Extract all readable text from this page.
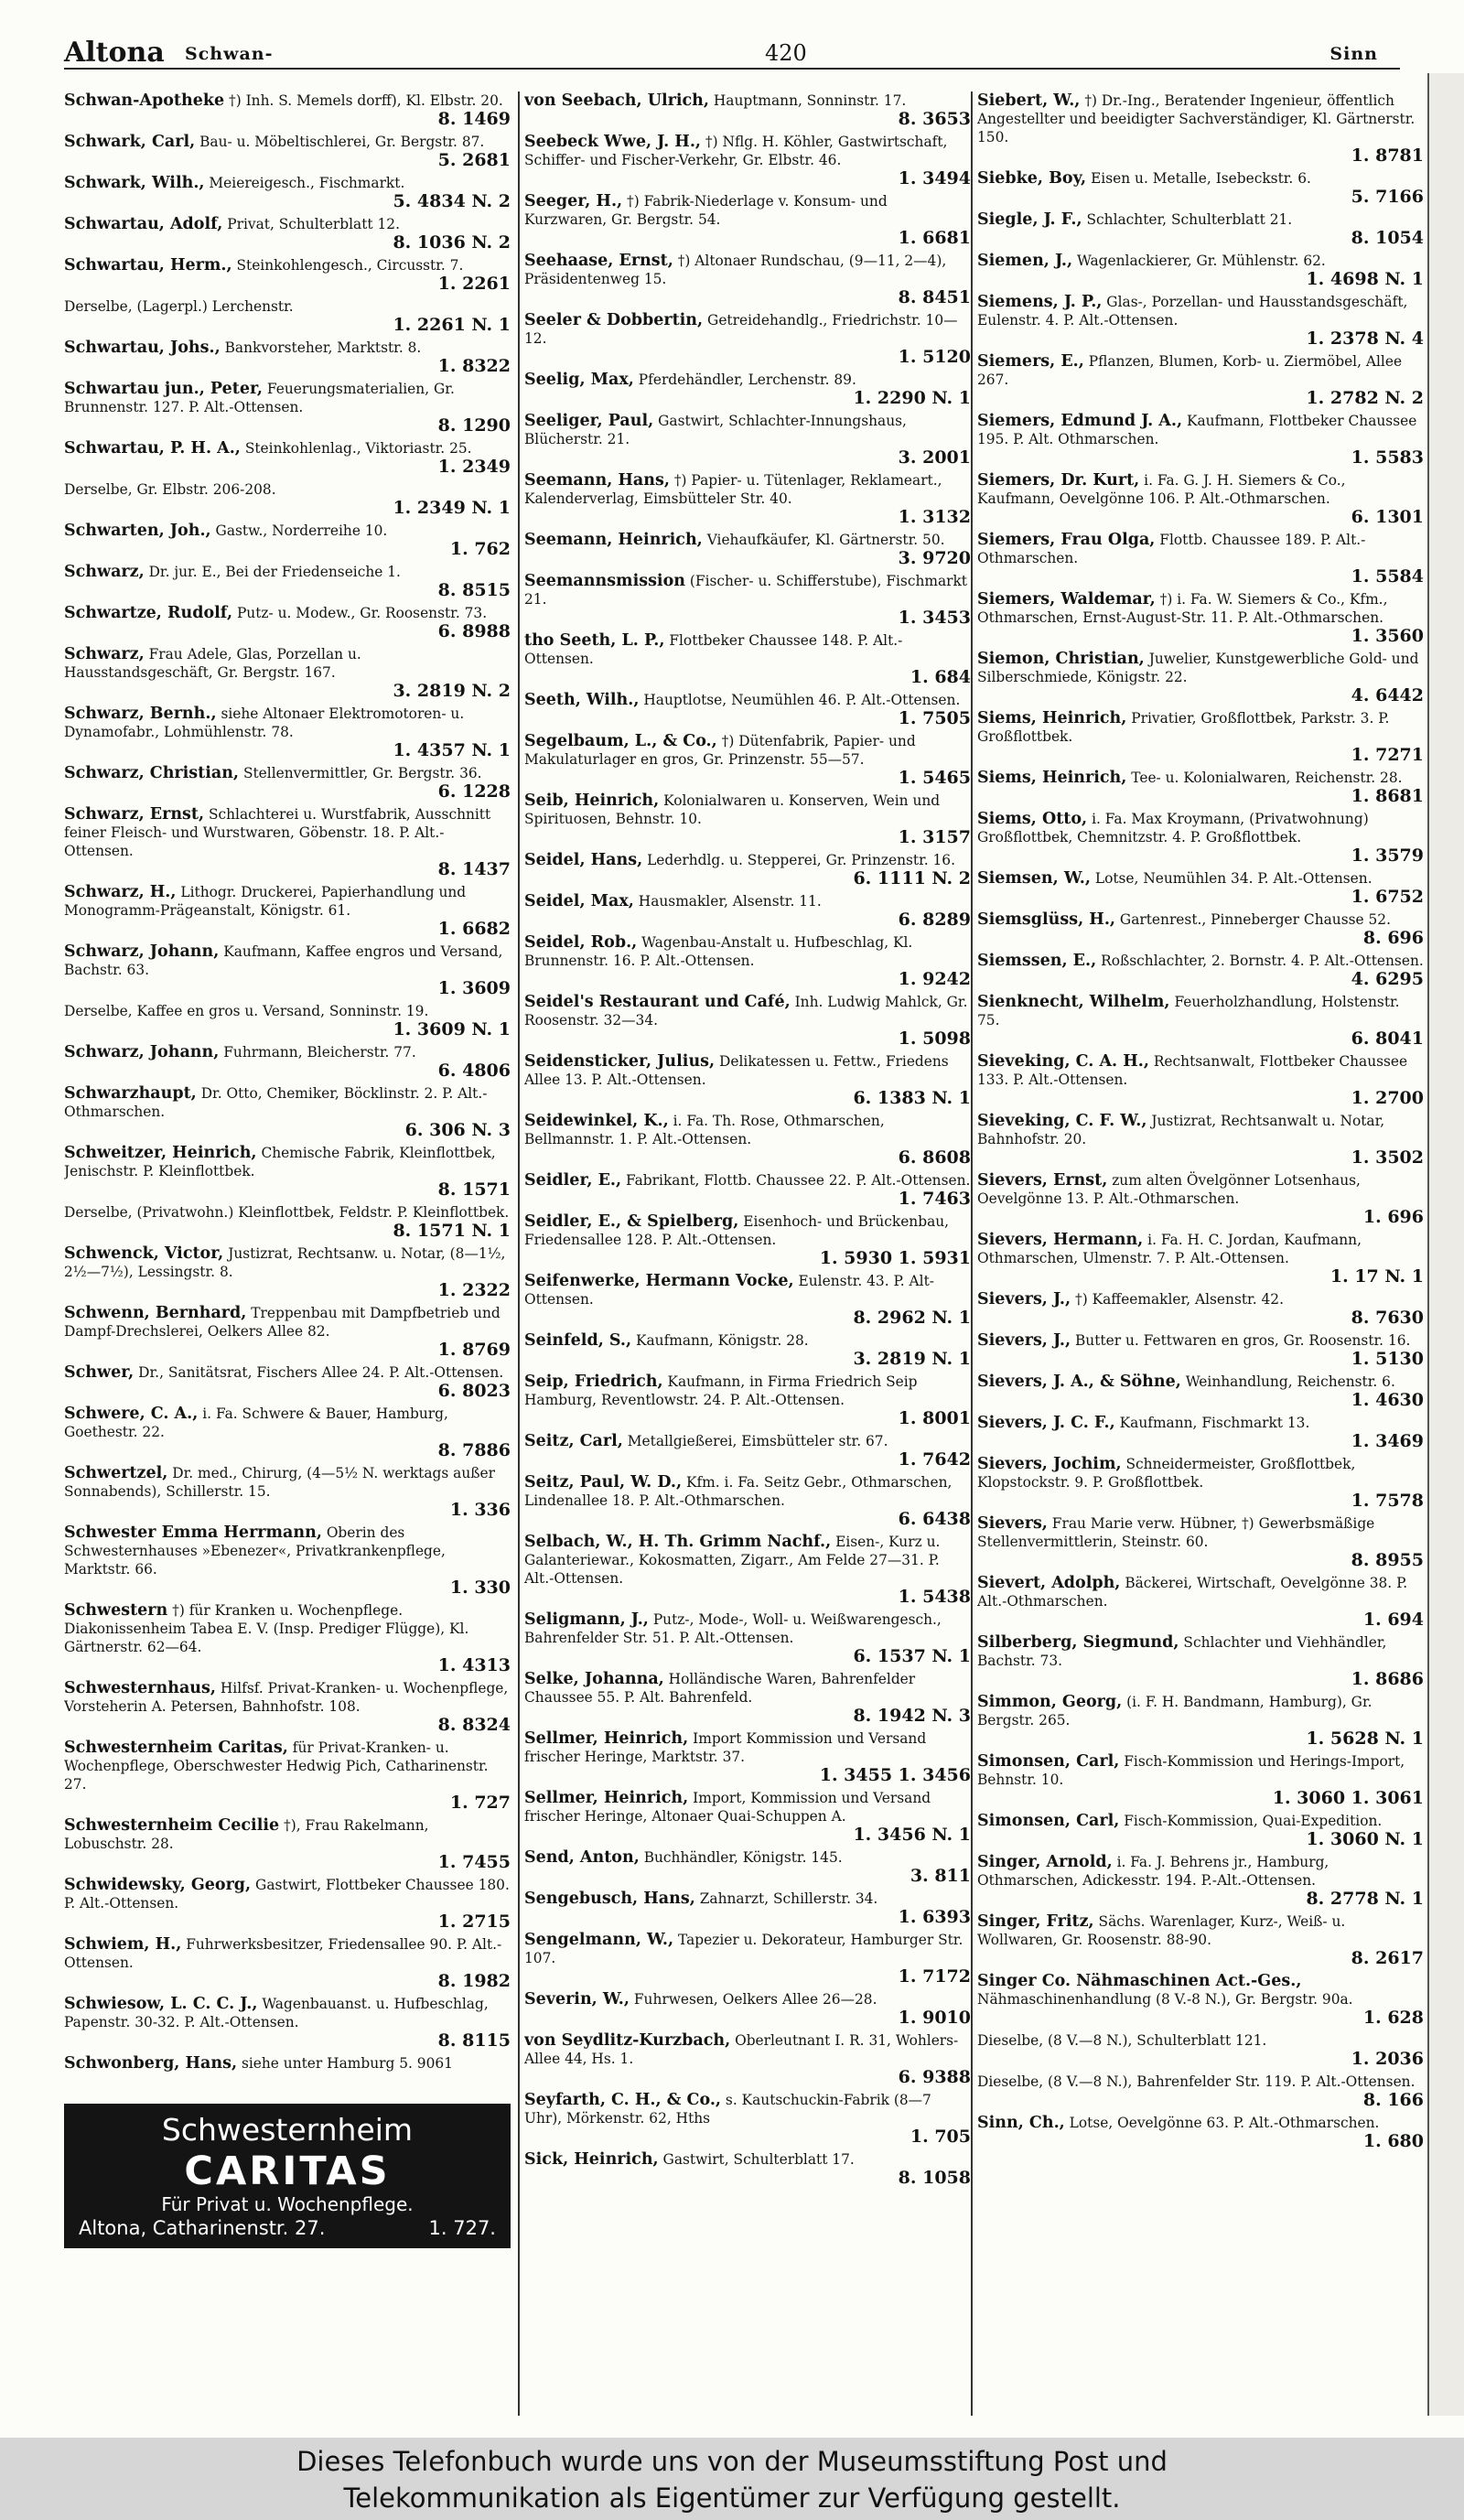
Altona Schwan-	420	Sinn
Schwan-Apotheke †) Inh. S. Memels dorff), Kl. Elbstr. 20.
8. 1469
Schwark, Carl, Bau- u. Möbeltischlerei, Gr. Bergstr. 87.
5. 2681
Schwark, Wilh., Meiereigesch., Fischmarkt.
5. 4834 N. 2
Schwartau, Adolf, Privat, Schulterblatt 12.
8. 1036 N. 2
Schwartau, Herm., Steinkohlengesch., Circusstr. 7.
1. 2261
Derselbe, (Lagerpl.) Lerchenstr.
1. 2261 N. 1
Schwartau, Johs., Bankvorsteher, Marktstr. 8.
1. 8322
Schwartau jun., Peter, Feuerungsmaterialien, Gr. Brunnenstr. 127. P. Alt.-Ottensen.
8. 1290
Schwartau, P. H. A., Steinkohlenlag., Viktoriastr. 25.
1. 2349
Derselbe, Gr. Elbstr. 206-208.
1. 2349 N. 1
Schwarten, Joh., Gastw., Norderreihe 10.
1. 762
Schwarz, Dr. jur. E., Bei der Friedenseiche 1.
8. 8515
Schwartze, Rudolf, Putz- u. Modew., Gr. Roosenstr. 73.
6. 8988
Schwarz, Frau Adele, Glas, Porzellan u. Hausstandsgeschäft, Gr. Bergstr. 167.
3. 2819 N. 2
Schwarz, Bernh., siehe Altonaer Elektromotoren- u. Dynamofabr., Lohmühlenstr. 78.
1. 4357 N. 1
Schwarz, Christian, Stellenvermittler, Gr. Bergstr. 36.
6. 1228
Schwarz, Ernst, Schlachterei u. Wurstfabrik, Ausschnitt feiner Fleisch- und Wurstwaren, Göbenstr. 18. P. Alt.-Ottensen.
8. 1437
Schwarz, H., Lithogr. Druckerei, Papierhandlung und Monogramm-Prägeanstalt, Königstr. 61.
1. 6682
Schwarz, Johann, Kaufmann, Kaffee engros und Versand, Bachstr. 63.
1. 3609
Derselbe, Kaffee en gros u. Versand, Sonninstr. 19.
1. 3609 N. 1
Schwarz, Johann, Fuhrmann, Bleicherstr. 77.
6. 4806
Schwarzhaupt, Dr. Otto, Chemiker, Böcklinstr. 2. P. Alt.-Othmarschen.
6. 306 N. 3
Schweitzer, Heinrich, Chemische Fabrik, Kleinflottbek, Jenischstr. P. Kleinflottbek.
8. 1571
Derselbe, (Privatwohn.) Kleinflottbek, Feldstr. P. Kleinflottbek.
8. 1571 N. 1
Schwenck, Victor, Justizrat, Rechtsanw. u. Notar, (8—1½, 2½—7½), Lessingstr. 8.
1. 2322
Schwenn, Bernhard, Treppenbau mit Dampfbetrieb und Dampf-Drechslerei, Oelkers Allee 82.
1. 8769
Schwer, Dr., Sanitätsrat, Fischers Allee 24. P. Alt.-Ottensen.
6. 8023
Schwere, C. A., i. Fa. Schwere & Bauer, Hamburg, Goethestr. 22.
8. 7886
Schwertzel, Dr. med., Chirurg, (4—5½ N. werktags außer Sonnabends), Schillerstr. 15.
1. 336
Schwester Emma Herrmann, Oberin des Schwesternhauses »Ebenezer«, Privatkrankenpflege, Marktstr. 66.
1. 330
Schwestern †) für Kranken u. Wochenpflege. Diakonissenheim Tabea E. V. (Insp. Prediger Flügge), Kl. Gärtnerstr. 62—64.
1. 4313
Schwesternhaus, Hilfsf. Privat-Kranken- u. Wochenpflege, Vorsteherin A. Petersen, Bahnhofstr. 108.
8. 8324
Schwesternheim Caritas, für Privat-Kranken- u. Wochenpflege, Oberschwester Hedwig Pich, Catharinenstr. 27.
1. 727
Schwesternheim Cecilie †), Frau Rakelmann, Lobuschstr. 28.
1. 7455
Schwidewsky, Georg, Gastwirt, Flottbeker Chaussee 180. P. Alt.-Ottensen.
1. 2715
Schwiem, H., Fuhrwerksbesitzer, Friedensallee 90. P. Alt.-Ottensen.
8. 1982
Schwiesow, L. C. C. J., Wagenbauanst. u. Hufbeschlag, Papenstr. 30-32. P. Alt.-Ottensen.
8. 8115
Schwonberg, Hans, siehe unter Hamburg 5. 9061
Schwesternheim
CARITAS
Für Privat u. Wochenpflege.
Altona, Catharinenstr. 27.	1. 727.
von Seebach, Ulrich, Hauptmann, Sonninstr. 17.
8. 3653
Seebeck Wwe, J. H., †) Nflg. H. Köhler, Gastwirtschaft, Schiffer- und Fischer-Verkehr, Gr. Elbstr. 46.
1. 3494
Seeger, H., †) Fabrik-Niederlage v. Konsum- und Kurzwaren, Gr. Bergstr. 54.
1. 6681
Seehaase, Ernst, †) Altonaer Rundschau, (9—11, 2—4), Präsidentenweg 15.
8. 8451
Seeler & Dobbertin, Getreidehandlg., Friedrichstr. 10—12.
1. 5120
Seelig, Max, Pferdehändler, Lerchenstr. 89.
1. 2290 N. 1
Seeliger, Paul, Gastwirt, Schlachter-Innungshaus, Blücherstr. 21.
3. 2001
Seemann, Hans, †) Papier- u. Tütenlager, Reklameart., Kalenderverlag, Eimsbütteler Str. 40.
1. 3132
Seemann, Heinrich, Viehaufkäufer, Kl. Gärtnerstr. 50.
3. 9720
Seemannsmission (Fischer- u. Schifferstube), Fischmarkt 21.
1. 3453
tho Seeth, L. P., Flottbeker Chaussee 148. P. Alt.-Ottensen.
1. 684
Seeth, Wilh., Hauptlotse, Neumühlen 46. P. Alt.-Ottensen.
1. 7505
Segelbaum, L., & Co., †) Dütenfabrik, Papier- und Makulaturlager en gros, Gr. Prinzenstr. 55—57.
1. 5465
Seib, Heinrich, Kolonialwaren u. Konserven, Wein und Spirituosen, Behnstr. 10.
1. 3157
Seidel, Hans, Lederhdlg. u. Stepperei, Gr. Prinzenstr. 16.
6. 1111 N. 2
Seidel, Max, Hausmakler, Alsenstr. 11.
6. 8289
Seidel, Rob., Wagenbau-Anstalt u. Hufbeschlag, Kl. Brunnenstr. 16. P. Alt.-Ottensen.
1. 9242
Seidel's Restaurant und Café, Inh. Ludwig Mahlck, Gr. Roosenstr. 32—34.
1. 5098
Seidensticker, Julius, Delikatessen u. Fettw., Friedens Allee 13. P. Alt.-Ottensen.
6. 1383 N. 1
Seidewinkel, K., i. Fa. Th. Rose, Othmarschen, Bellmannstr. 1. P. Alt.-Ottensen.
6. 8608
Seidler, E., Fabrikant, Flottb. Chaussee 22. P. Alt.-Ottensen.
1. 7463
Seidler, E., & Spielberg, Eisenhoch- und Brückenbau, Friedensallee 128. P. Alt.-Ottensen.
1. 5930 1. 5931
Seifenwerke, Hermann Vocke, Eulenstr. 43. P. Alt-Ottensen.
8. 2962 N. 1
Seinfeld, S., Kaufmann, Königstr. 28.
3. 2819 N. 1
Seip, Friedrich, Kaufmann, in Firma Friedrich Seip Hamburg, Reventlowstr. 24. P. Alt.-Ottensen.
1. 8001
Seitz, Carl, Metallgießerei, Eimsbütteler str. 67.
1. 7642
Seitz, Paul, W. D., Kfm. i. Fa. Seitz Gebr., Othmarschen, Lindenallee 18. P. Alt.-Othmarschen.
6. 6438
Selbach, W., H. Th. Grimm Nachf., Eisen-, Kurz u. Galanteriewar., Kokosmatten, Zigarr., Am Felde 27—31. P. Alt.-Ottensen.
1. 5438
Seligmann, J., Putz-, Mode-, Woll- u. Weißwarengesch., Bahrenfelder Str. 51. P. Alt.-Ottensen.
6. 1537 N. 1
Selke, Johanna, Holländische Waren, Bahrenfelder Chaussee 55. P. Alt. Bahrenfeld.
8. 1942 N. 3
Sellmer, Heinrich, Import Kommission und Versand frischer Heringe, Marktstr. 37.
1. 3455 1. 3456
Sellmer, Heinrich, Import, Kommission und Versand frischer Heringe, Altonaer Quai-Schuppen A.
1. 3456 N. 1
Send, Anton, Buchhändler, Königstr. 145.
3. 811
Sengebusch, Hans, Zahnarzt, Schillerstr. 34.
1. 6393
Sengelmann, W., Tapezier u. Dekorateur, Hamburger Str. 107.
1. 7172
Severin, W., Fuhrwesen, Oelkers Allee 26—28.
1. 9010
von Seydlitz-Kurzbach, Oberleutnant I. R. 31, Wohlers-Allee 44, Hs. 1.
6. 9388
Seyfarth, C. H., & Co., s. Kautschuckin-Fabrik (8—7 Uhr), Mörkenstr. 62, Hths
1. 705
Sick, Heinrich, Gastwirt, Schulterblatt 17.
8. 1058
Siebert, W., †) Dr.-Ing., Beratender Ingenieur, öffentlich Angestellter und beeidigter Sachverständiger, Kl. Gärtnerstr. 150.
1. 8781
Siebke, Boy, Eisen u. Metalle, Isebeckstr. 6.
5. 7166
Siegle, J. F., Schlachter, Schulterblatt 21.
8. 1054
Siemen, J., Wagenlackierer, Gr. Mühlenstr. 62.
1. 4698 N. 1
Siemens, J. P., Glas-, Porzellan- und Hausstandsgeschäft, Eulenstr. 4. P. Alt.-Ottensen.
1. 2378 N. 4
Siemers, E., Pflanzen, Blumen, Korb- u. Ziermöbel, Allee 267.
1. 2782 N. 2
Siemers, Edmund J. A., Kaufmann, Flottbeker Chaussee 195. P. Alt. Othmarschen.
1. 5583
Siemers, Dr. Kurt, i. Fa. G. J. H. Siemers & Co., Kaufmann, Oevelgönne 106. P. Alt.-Othmarschen.
6. 1301
Siemers, Frau Olga, Flottb. Chaussee 189. P. Alt.-Othmarschen.
1. 5584
Siemers, Waldemar, †) i. Fa. W. Siemers & Co., Kfm., Othmarschen, Ernst-August-Str. 11. P. Alt.-Othmarschen.
1. 3560
Siemon, Christian, Juwelier, Kunstgewerbliche Gold- und Silberschmiede, Königstr. 22.
4. 6442
Siems, Heinrich, Privatier, Großflottbek, Parkstr. 3. P. Großflottbek.
1. 7271
Siems, Heinrich, Tee- u. Kolonialwaren, Reichenstr. 28.
1. 8681
Siems, Otto, i. Fa. Max Kroymann, (Privatwohnung) Großflottbek, Chemnitzstr. 4. P. Großflottbek.
1. 3579
Siemsen, W., Lotse, Neumühlen 34. P. Alt.-Ottensen.
1. 6752
Siemsglüss, H., Gartenrest., Pinneberger Chausse 52.
8. 696
Siemssen, E., Roßschlachter, 2. Bornstr. 4. P. Alt.-Ottensen.
4. 6295
Sienknecht, Wilhelm, Feuerholzhandlung, Holstenstr. 75.
6. 8041
Sieveking, C. A. H., Rechtsanwalt, Flottbeker Chaussee 133. P. Alt.-Ottensen.
1. 2700
Sieveking, C. F. W., Justizrat, Rechtsanwalt u. Notar, Bahnhofstr. 20.
1. 3502
Sievers, Ernst, zum alten Övelgönner Lotsenhaus, Oevelgönne 13. P. Alt.-Othmarschen.
1. 696
Sievers, Hermann, i. Fa. H. C. Jordan, Kaufmann, Othmarschen, Ulmenstr. 7. P. Alt.-Ottensen.
1. 17 N. 1
Sievers, J., †) Kaffeemakler, Alsenstr. 42.
8. 7630
Sievers, J., Butter u. Fettwaren en gros, Gr. Roosenstr. 16.
1. 5130
Sievers, J. A., & Söhne, Weinhandlung, Reichenstr. 6.
1. 4630
Sievers, J. C. F., Kaufmann, Fischmarkt 13.
1. 3469
Sievers, Jochim, Schneidermeister, Großflottbek, Klopstockstr. 9. P. Großflottbek.
1. 7578
Sievers, Frau Marie verw. Hübner, †) Gewerbsmäßige Stellenvermittlerin, Steinstr. 60.
8. 8955
Sievert, Adolph, Bäckerei, Wirtschaft, Oevelgönne 38. P. Alt.-Othmarschen.
1. 694
Silberberg, Siegmund, Schlachter und Viehhändler, Bachstr. 73.
1. 8686
Simmon, Georg, (i. F. H. Bandmann, Hamburg), Gr. Bergstr. 265.
1. 5628 N. 1
Simonsen, Carl, Fisch-Kommission und Herings-Import, Behnstr. 10.
1. 3060 1. 3061
Simonsen, Carl, Fisch-Kommission, Quai-Expedition.
1. 3060 N. 1
Singer, Arnold, i. Fa. J. Behrens jr., Hamburg, Othmarschen, Adickesstr. 194. P.-Alt.-Ottensen.
8. 2778 N. 1
Singer, Fritz, Sächs. Warenlager, Kurz-, Weiß- u. Wollwaren, Gr. Roosenstr. 88-90.
8. 2617
Singer Co. Nähmaschinen Act.-Ges., Nähmaschinenhandlung (8 V.-8 N.), Gr. Bergstr. 90a.
1. 628
Dieselbe, (8 V.—8 N.), Schulterblatt 121.
1. 2036
Dieselbe, (8 V.—8 N.), Bahrenfelder Str. 119. P. Alt.-Ottensen.
8. 166
Sinn, Ch., Lotse, Oevelgönne 63. P. Alt.-Othmarschen.
1. 680
Dieses Telefonbuch wurde uns von der Museumsstiftung Post und
Telekommunikation als Eigentümer zur Verfügung gestellt.
